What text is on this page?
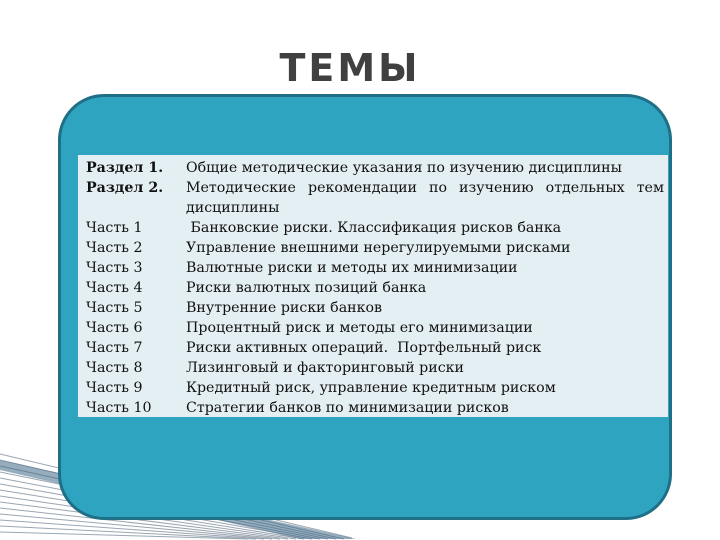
ТЕМЫ
Раздел 1.	Общие методические указания по изучению дисциплины
Раздел 2.	Методические рекомендации по изучению отдельных тем дисциплины
Часть 1	Банковские риски. Классификация рисков банка
Часть 2	Управление внешними нерегулируемыми рисками
Часть 3	Валютные риски и методы их минимизации
Часть 4	Риски валютных позиций банка
Часть 5	Внутренние риски банков
Часть 6	Процентный риск и методы его минимизации
Часть 7	Риски активных операций.  Портфельный риск
Часть 8	Лизинговый и факторинговый риски
Часть 9	Кредитный риск, управление кредитным риском
Часть 10	Стратегии банков по минимизации рисков
